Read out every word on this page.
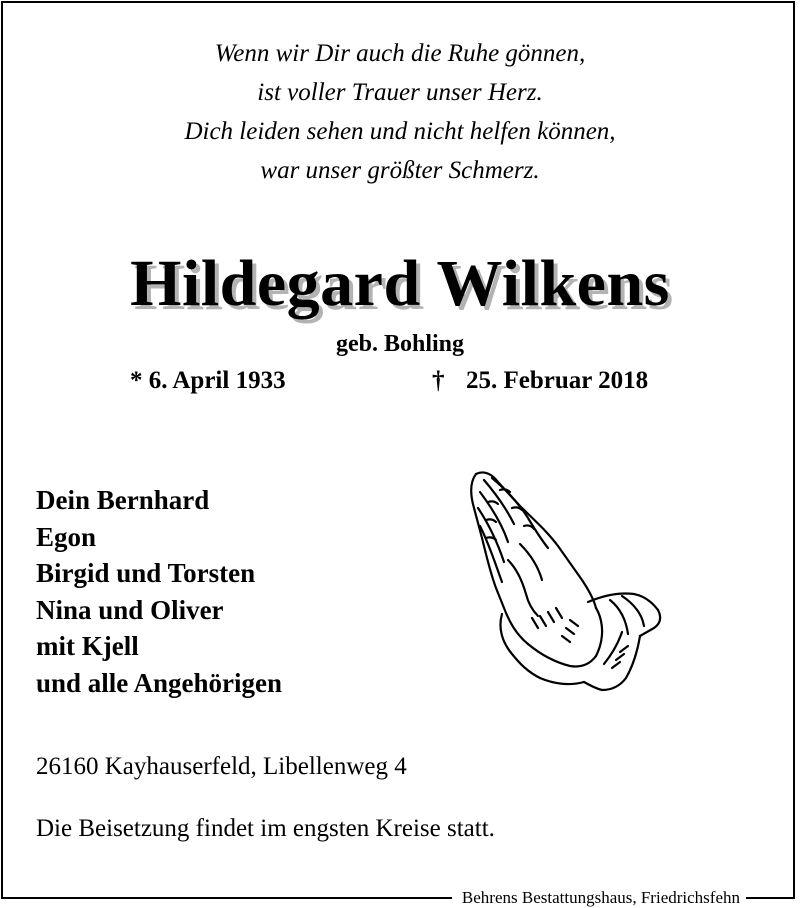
Wenn wir Dir auch die Ruhe gönnen,
ist voller Trauer unser Herz.
Dich leiden sehen und nicht helfen können,
war unser größter Schmerz.
Hildegard Wilkens
geb. Bohling
* 6. April 1933	† 25. Februar 2018
Dein Bernhard
Egon
Birgid und Torsten
Nina und Oliver
mit Kjell
und alle Angehörigen
26160 Kayhauserfeld, Libellenweg 4
Die Beisetzung findet im engsten Kreise statt.
Behrens Bestattungshaus, Friedrichsfehn
